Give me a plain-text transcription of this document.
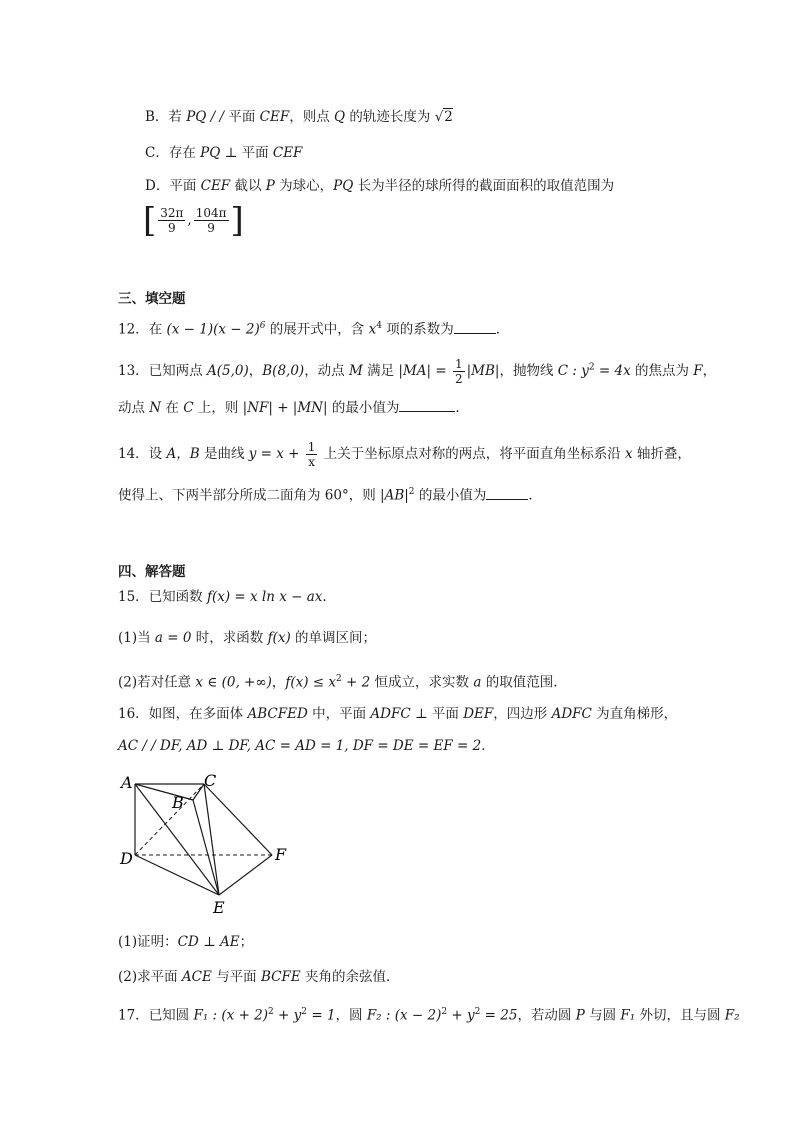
B．若 PQ / / 平面 CEF，则点 Q 的轨迹长度为 √2
C．存在 PQ ⊥ 平面 CEF
D．平面 CEF 截以 P 为球心，PQ 长为半径的球所得的截面面积的取值范围为
[ $\frac{32\pi}{9}$ , $\frac{104\pi}{9}$ ]
三、填空题
12．在 $(x - 1)(x - 2)^6$ 的展开式中，含 $x^4$ 项的系数为	．
13．已知两点 A(5,0)，B(8,0)，动点 M 满足 $|MA| = \frac{1}{2} |MB|$，抛物线 C : $y^2 = 4x$ 的焦点为 F，
动点 N 在 C 上，则 |NF| + |MN| 的最小值为	.
14．设 A，B 是曲线 $y = x + \frac{1}{x}$ 上关于坐标原点对称的两点，将平面直角坐标系沿 x 轴折叠，
使得上、下两半部分所成二面角为 60°，则 $|AB|^2$ 的最小值为	．
四、解答题
15．已知函数 f(x) = x ln x − ax.
(1)当 a = 0 时，求函数 f(x) 的单调区间；
(2)若对任意 x ∈ (0, +∞)，$f(x) \le x^2 + 2$ 恒成立，求实数 a 的取值范围.
16．如图，在多面体 ABCFED 中，平面 ADFC ⊥ 平面 DEF，四边形 ADFC 为直角梯形，
AC / / DF, AD ⊥ DF, AC = AD = 1, DF = DE = EF = 2．
A
B
C
D
E
F
(1)证明：CD ⊥ AE；
(2)求平面 ACE 与平面 BCFE 夹角的余弦值．
17．已知圆 F₁ : $(x + 2)^2 + y^2 = 1$，圆 F₂ : $(x - 2)^2 + y^2 = 25$，若动圆 P 与圆 F₁ 外切，且与圆 F₂
